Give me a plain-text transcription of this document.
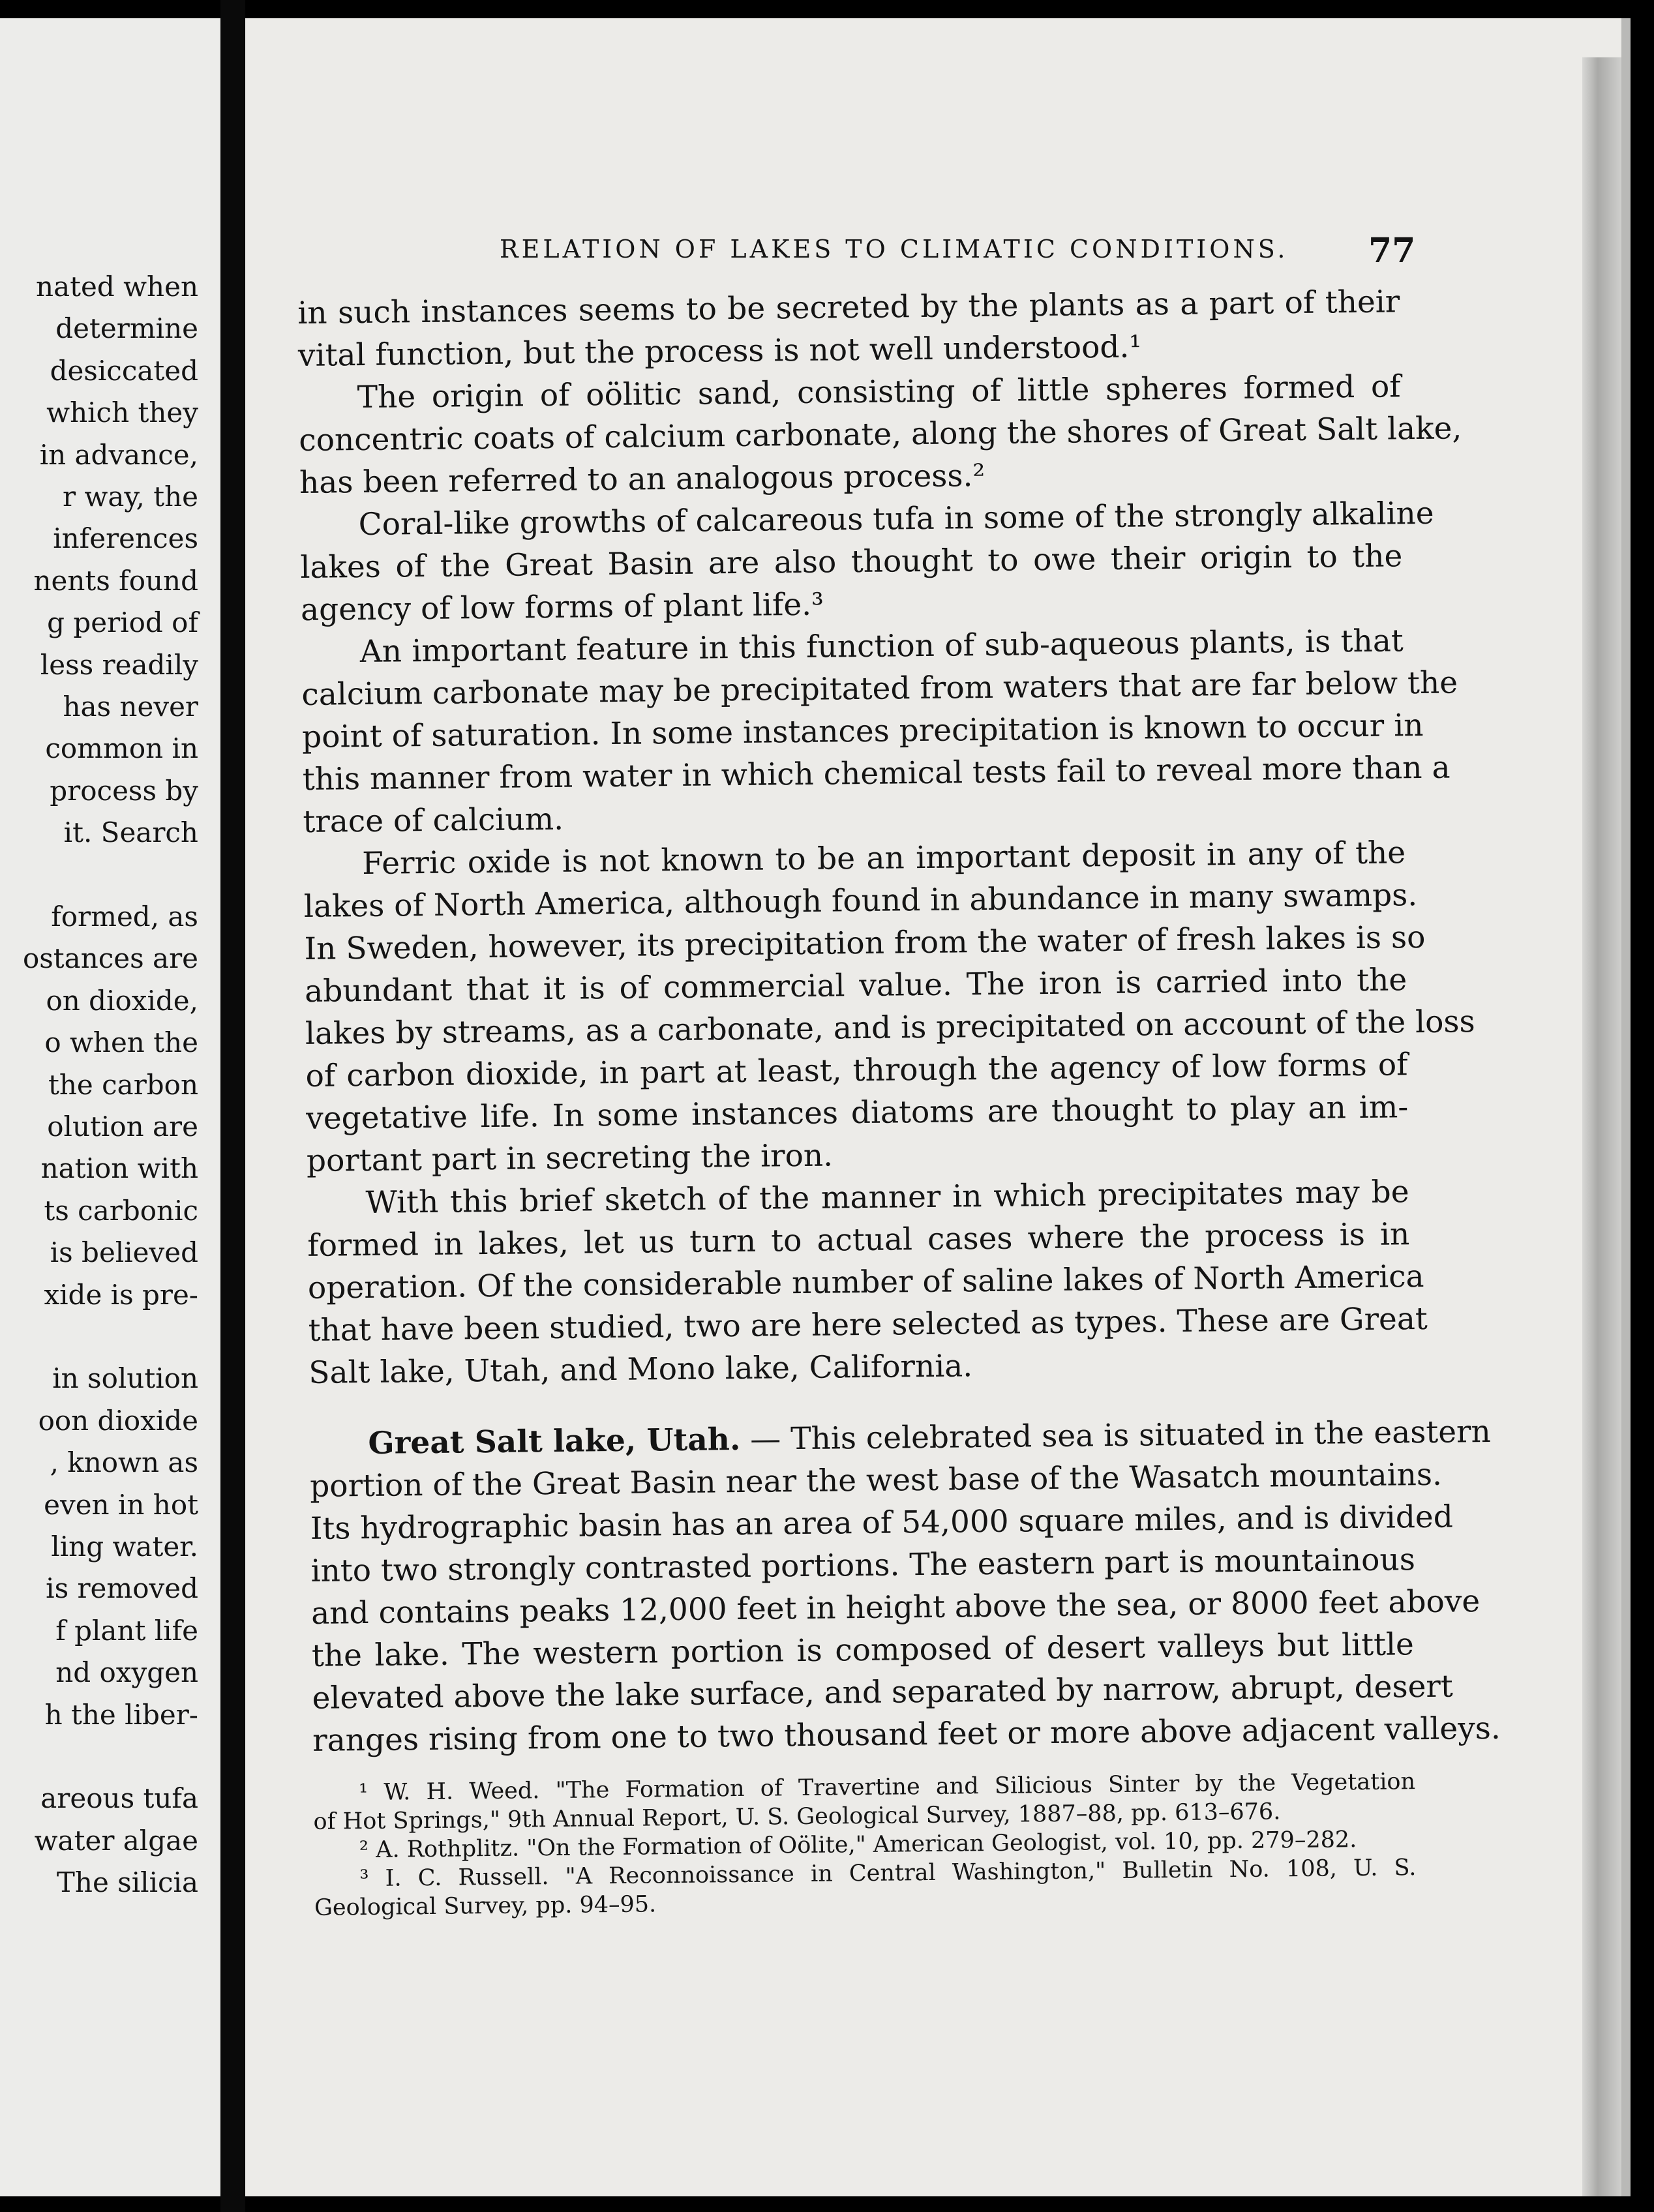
nated when
determine
desiccated
which they
in advance,
r way, the
inferences
nents found
g period of
less readily
has never
common in
process by
it. Search
formed, as
ostances are
on dioxide,
o when the
the carbon
olution are
nation with
ts carbonic
is believed
xide is pre-
in solution
oon dioxide
, known as
even in hot
ling water.
is removed
f plant life
nd oxygen
h the liber-
areous tufa
water algae
The silicia
RELATION OF LAKES TO CLIMATIC CONDITIONS.	77
in such instances seems to be secreted by the plants as a part of their
vital function, but the process is not well understood.¹
The origin of oölitic sand, consisting of little spheres formed of
concentric coats of calcium carbonate, along the shores of Great Salt lake,
has been referred to an analogous process.²
Coral-like growths of calcareous tufa in some of the strongly alkaline
lakes of the Great Basin are also thought to owe their origin to the
agency of low forms of plant life.³
An important feature in this function of sub-aqueous plants, is that
calcium carbonate may be precipitated from waters that are far below the
point of saturation. In some instances precipitation is known to occur in
this manner from water in which chemical tests fail to reveal more than a
trace of calcium.
Ferric oxide is not known to be an important deposit in any of the
lakes of North America, although found in abundance in many swamps.
In Sweden, however, its precipitation from the water of fresh lakes is so
abundant that it is of commercial value. The iron is carried into the
lakes by streams, as a carbonate, and is precipitated on account of the loss
of carbon dioxide, in part at least, through the agency of low forms of
vegetative life. In some instances diatoms are thought to play an im-
portant part in secreting the iron.
With this brief sketch of the manner in which precipitates may be
formed in lakes, let us turn to actual cases where the process is in
operation. Of the considerable number of saline lakes of North America
that have been studied, two are here selected as types. These are Great
Salt lake, Utah, and Mono lake, California.
Great Salt lake, Utah. — This celebrated sea is situated in the eastern
portion of the Great Basin near the west base of the Wasatch mountains.
Its hydrographic basin has an area of 54,000 square miles, and is divided
into two strongly contrasted portions. The eastern part is mountainous
and contains peaks 12,000 feet in height above the sea, or 8000 feet above
the lake. The western portion is composed of desert valleys but little
elevated above the lake surface, and separated by narrow, abrupt, desert
ranges rising from one to two thousand feet or more above adjacent valleys.
¹ W. H. Weed. "The Formation of Travertine and Silicious Sinter by the Vegetation
of Hot Springs," 9th Annual Report, U. S. Geological Survey, 1887–88, pp. 613–676.
² A. Rothplitz. "On the Formation of Oölite," American Geologist, vol. 10, pp. 279–282.
³ I. C. Russell. "A Reconnoissance in Central Washington," Bulletin No. 108, U. S.
Geological Survey, pp. 94–95.
